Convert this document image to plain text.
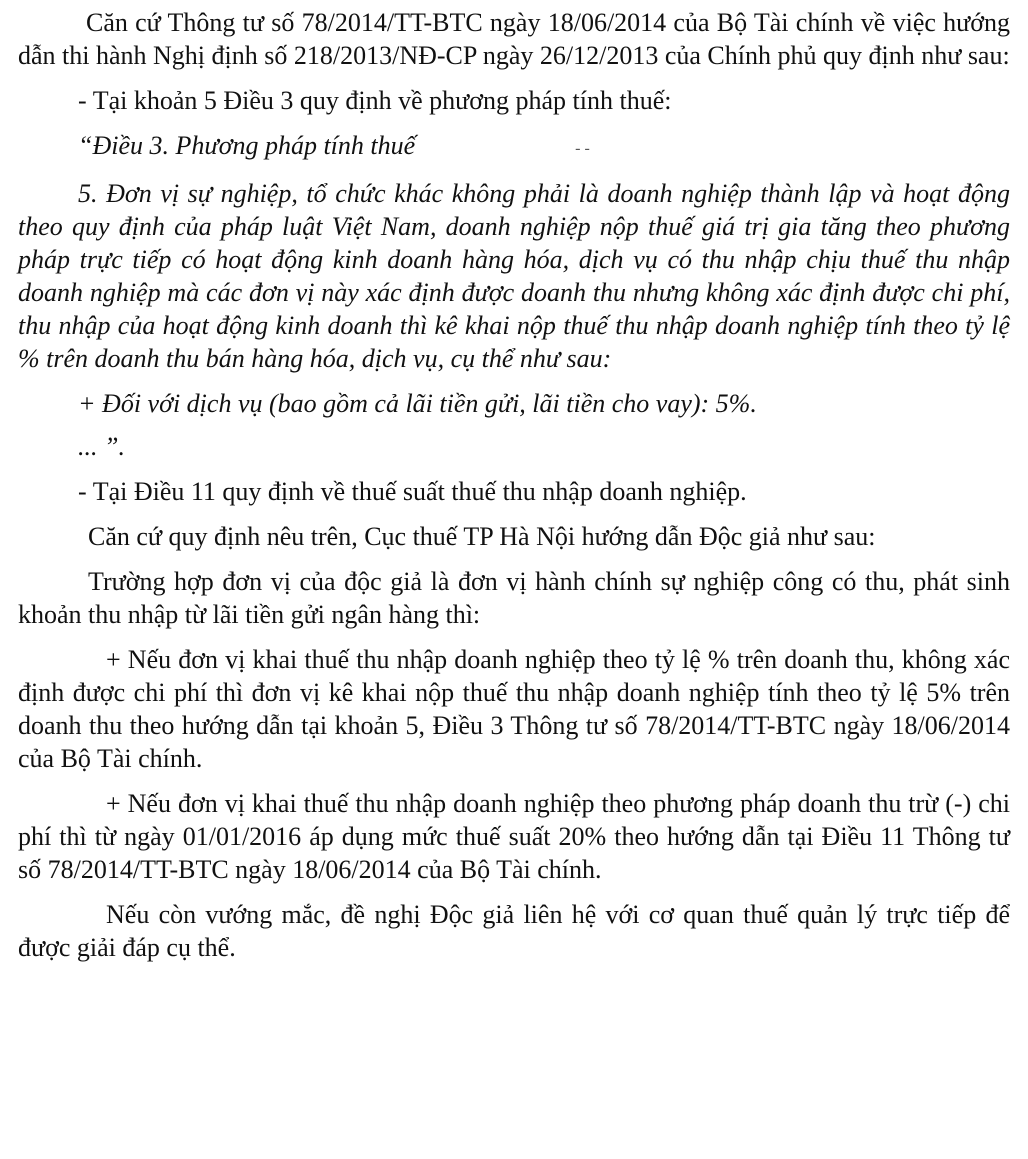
Căn cứ Thông tư số 78/2014/TT-BTC ngày 18/06/2014 của Bộ Tài chính về việc hướng dẫn thi hành Nghị định số 218/2013/NĐ-CP ngày 26/12/2013 của Chính phủ quy định như sau:

- Tại khoản 5 Điều 3 quy định về phương pháp tính thuế:

“Điều 3. Phương pháp tính thuế	- -

5. Đơn vị sự nghiệp, tổ chức khác không phải là doanh nghiệp thành lập và hoạt động theo quy định của pháp luật Việt Nam, doanh nghiệp nộp thuế giá trị gia tăng theo phương pháp trực tiếp có hoạt động kinh doanh hàng hóa, dịch vụ có thu nhập chịu thuế thu nhập doanh nghiệp mà các đơn vị này xác định được doanh thu nhưng không xác định được chi phí, thu nhập của hoạt động kinh doanh thì kê khai nộp thuế thu nhập doanh nghiệp tính theo tỷ lệ % trên doanh thu bán hàng hóa, dịch vụ, cụ thể như sau:

+ Đối với dịch vụ (bao gồm cả lãi tiền gửi, lãi tiền cho vay): 5%.

... ”.

- Tại Điều 11 quy định về thuế suất thuế thu nhập doanh nghiệp.

Căn cứ quy định nêu trên, Cục thuế TP Hà Nội hướng dẫn Độc giả như sau:

Trường hợp đơn vị của độc giả là đơn vị hành chính sự nghiệp công có thu, phát sinh khoản thu nhập từ lãi tiền gửi ngân hàng thì:

+ Nếu đơn vị khai thuế thu nhập doanh nghiệp theo tỷ lệ % trên doanh thu, không xác định được chi phí thì đơn vị kê khai nộp thuế thu nhập doanh nghiệp tính theo tỷ lệ 5% trên doanh thu theo hướng dẫn tại khoản 5, Điều 3 Thông tư số 78/2014/TT-BTC ngày 18/06/2014 của Bộ Tài chính.

+ Nếu đơn vị khai thuế thu nhập doanh nghiệp theo phương pháp doanh thu trừ (-) chi phí thì từ ngày 01/01/2016 áp dụng mức thuế suất 20% theo hướng dẫn tại Điều 11 Thông tư số 78/2014/TT-BTC ngày 18/06/2014 của Bộ Tài chính.

Nếu còn vướng mắc, đề nghị Độc giả liên hệ với cơ quan thuế quản lý trực tiếp để được giải đáp cụ thể.
